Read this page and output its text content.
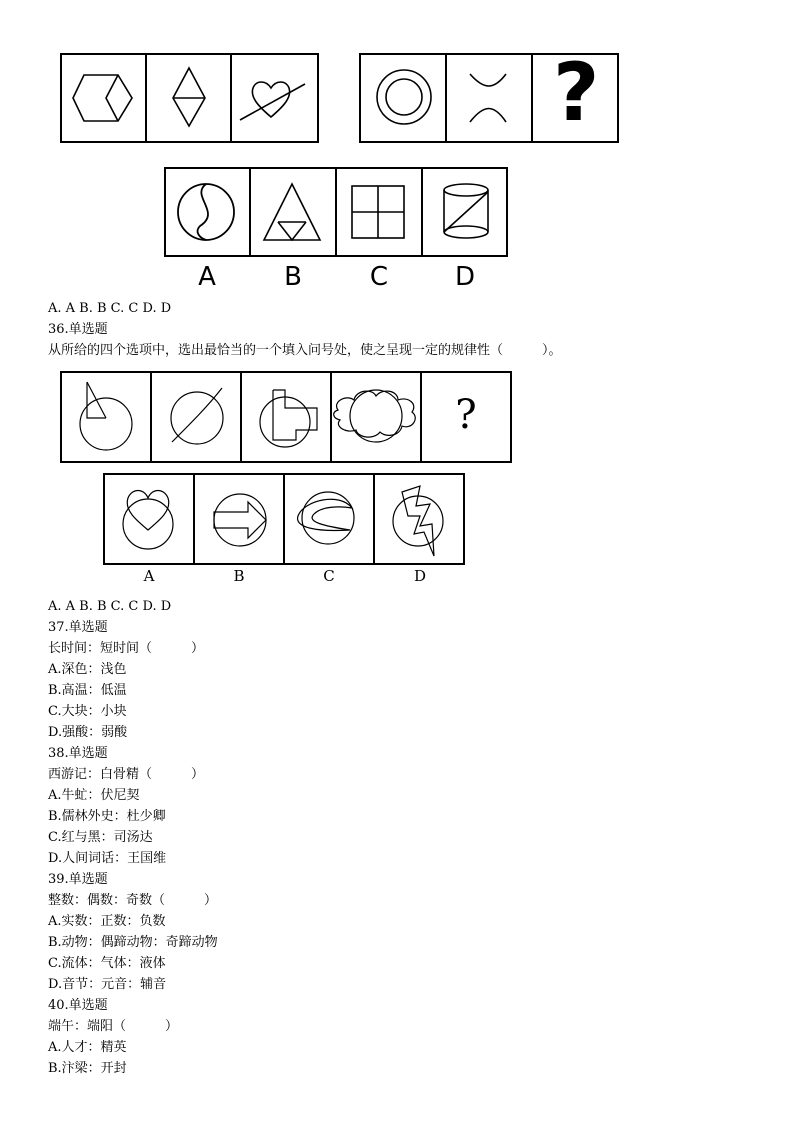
?
A	B	C	D
A. A B. B C. C D. D
36.单选题
从所给的四个选项中，选出最恰当的一个填入问号处，使之呈现一定的规律性（　　　）。
?
A	B	C	D
A. A B. B C. C D. D
37.单选题
长时间：短时间（　　　）
A.深色：浅色
B.高温：低温
C.大块：小块
D.强酸：弱酸
38.单选题
西游记：白骨精（　　　）
A.牛虻：伏尼契
B.儒林外史：杜少卿
C.红与黑：司汤达
D.人间词话：王国维
39.单选题
整数：偶数：奇数（　　　）
A.实数：正数：负数
B.动物：偶蹄动物：奇蹄动物
C.流体：气体：液体
D.音节：元音：辅音
40.单选题
端午：端阳（　　　）
A.人才：精英
B.汴梁：开封
